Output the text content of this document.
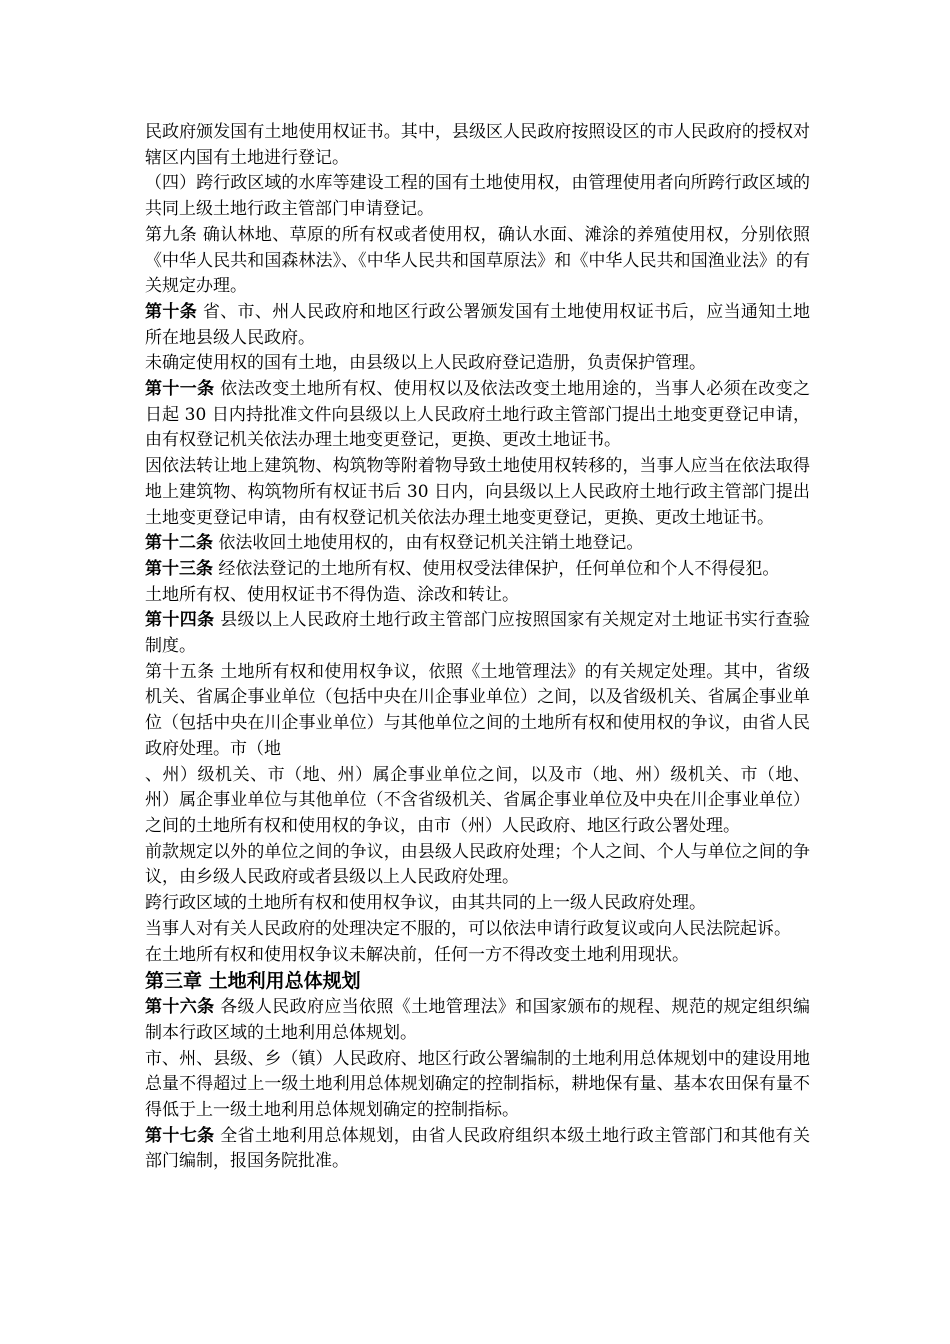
民政府颁发国有土地使用权证书。其中，县级区人民政府按照设区的市人民政府的授权对辖区内国有土地进行登记。

（四）跨行政区域的水库等建设工程的国有土地使用权，由管理使用者向所跨行政区域的共同上级土地行政主管部门申请登记。

第九条 确认林地、草原的所有权或者使用权，确认水面、滩涂的养殖使用权，分别依照《中华人民共和国森林法》、《中华人民共和国草原法》和《中华人民共和国渔业法》的有关规定办理。

第十条 省、市、州人民政府和地区行政公署颁发国有土地使用权证书后，应当通知土地所在地县级人民政府。

未确定使用权的国有土地，由县级以上人民政府登记造册，负责保护管理。

第十一条 依法改变土地所有权、使用权以及依法改变土地用途的，当事人必须在改变之日起 30 日内持批准文件向县级以上人民政府土地行政主管部门提出土地变更登记申请，由有权登记机关依法办理土地变更登记，更换、更改土地证书。

因依法转让地上建筑物、构筑物等附着物导致土地使用权转移的，当事人应当在依法取得地上建筑物、构筑物所有权证书后 30 日内，向县级以上人民政府土地行政主管部门提出土地变更登记申请，由有权登记机关依法办理土地变更登记，更换、更改土地证书。

第十二条 依法收回土地使用权的，由有权登记机关注销土地登记。

第十三条 经依法登记的土地所有权、使用权受法律保护，任何单位和个人不得侵犯。

土地所有权、使用权证书不得伪造、涂改和转让。

第十四条 县级以上人民政府土地行政主管部门应按照国家有关规定对土地证书实行查验制度。

第十五条 土地所有权和使用权争议，依照《土地管理法》的有关规定处理。其中，省级机关、省属企事业单位（包括中央在川企事业单位）之间，以及省级机关、省属企事业单位（包括中央在川企事业单位）与其他单位之间的土地所有权和使用权的争议，由省人民政府处理。市（地

、州）级机关、市（地、州）属企事业单位之间，以及市（地、州）级机关、市（地、州）属企事业单位与其他单位（不含省级机关、省属企事业单位及中央在川企事业单位）之间的土地所有权和使用权的争议，由市（州）人民政府、地区行政公署处理。

前款规定以外的单位之间的争议，由县级人民政府处理；个人之间、个人与单位之间的争议，由乡级人民政府或者县级以上人民政府处理。

跨行政区域的土地所有权和使用权争议，由其共同的上一级人民政府处理。

当事人对有关人民政府的处理决定不服的，可以依法申请行政复议或向人民法院起诉。

在土地所有权和使用权争议未解决前，任何一方不得改变土地利用现状。

第三章 土地利用总体规划

第十六条 各级人民政府应当依照《土地管理法》和国家颁布的规程、规范的规定组织编制本行政区域的土地利用总体规划。

市、州、县级、乡（镇）人民政府、地区行政公署编制的土地利用总体规划中的建设用地总量不得超过上一级土地利用总体规划确定的控制指标，耕地保有量、基本农田保有量不得低于上一级土地利用总体规划确定的控制指标。

第十七条 全省土地利用总体规划，由省人民政府组织本级土地行政主管部门和其他有关部门编制，报国务院批准。
